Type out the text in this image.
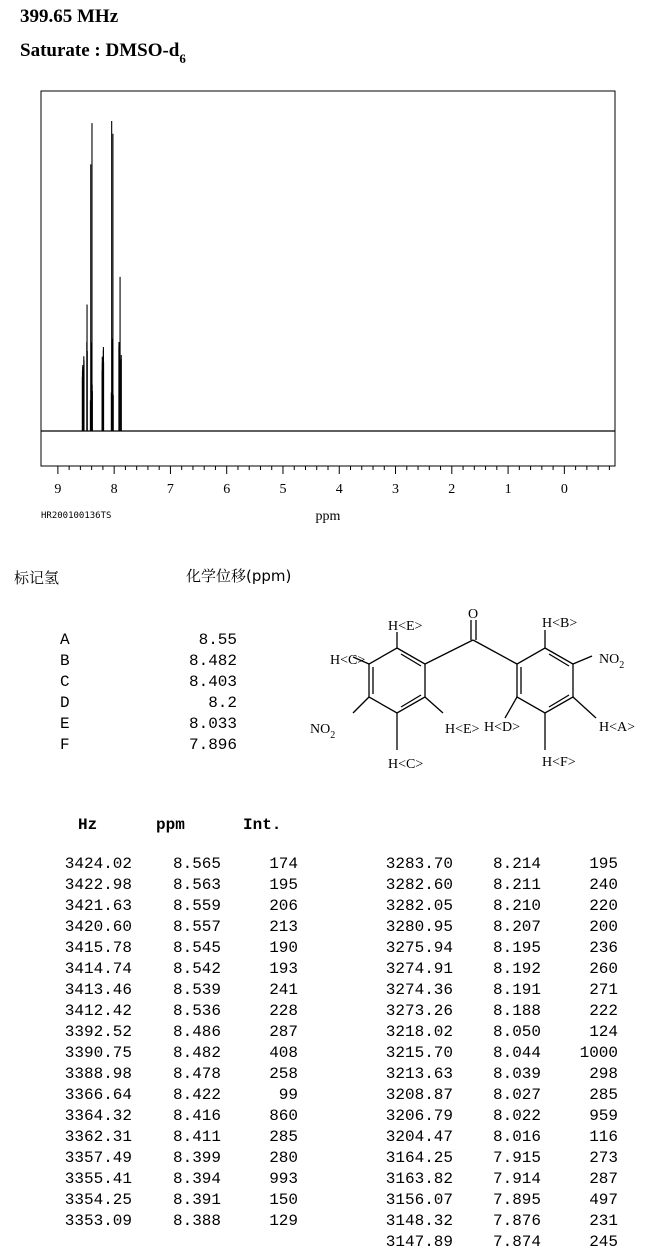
399.65 MHz
Saturate : DMSO-$d_6$
9	8	7	6	5	4	3	2	1	0
ppm
HR200100136TS
标记氢	化学位移(ppm)
A	8.55
B	8.482
C	8.403
D	8.2
E	8.033
F	7.896
O
H<E>	H<B>
$NO_2$
H<C>
$NO_2$	H<E> H<D>	H<A>
H<C>	H<F>
Hz	ppm	Int.
3424.02	8.565	174
3422.98	8.563	195
3421.63	8.559	206
3420.60	8.557	213
3415.78	8.545	190
3414.74	8.542	193
3413.46	8.539	241
3412.42	8.536	228
3392.52	8.486	287
3390.75	8.482	408
3388.98	8.478	258
3366.64	8.422	99
3364.32	8.416	860
3362.31	8.411	285
3357.49	8.399	280
3355.41	8.394	993
3354.25	8.391	150
3353.09	8.388	129
3283.70	8.214	195
3282.60	8.211	240
3282.05	8.210	220
3280.95	8.207	200
3275.94	8.195	236
3274.91	8.192	260
3274.36	8.191	271
3273.26	8.188	222
3218.02	8.050	124
3215.70	8.044	1000
3213.63	8.039	298
3208.87	8.027	285
3206.79	8.022	959
3204.47	8.016	116
3164.25	7.915	273
3163.82	7.914	287
3156.07	7.895	497
3148.32	7.876	231
3147.89	7.874	245
